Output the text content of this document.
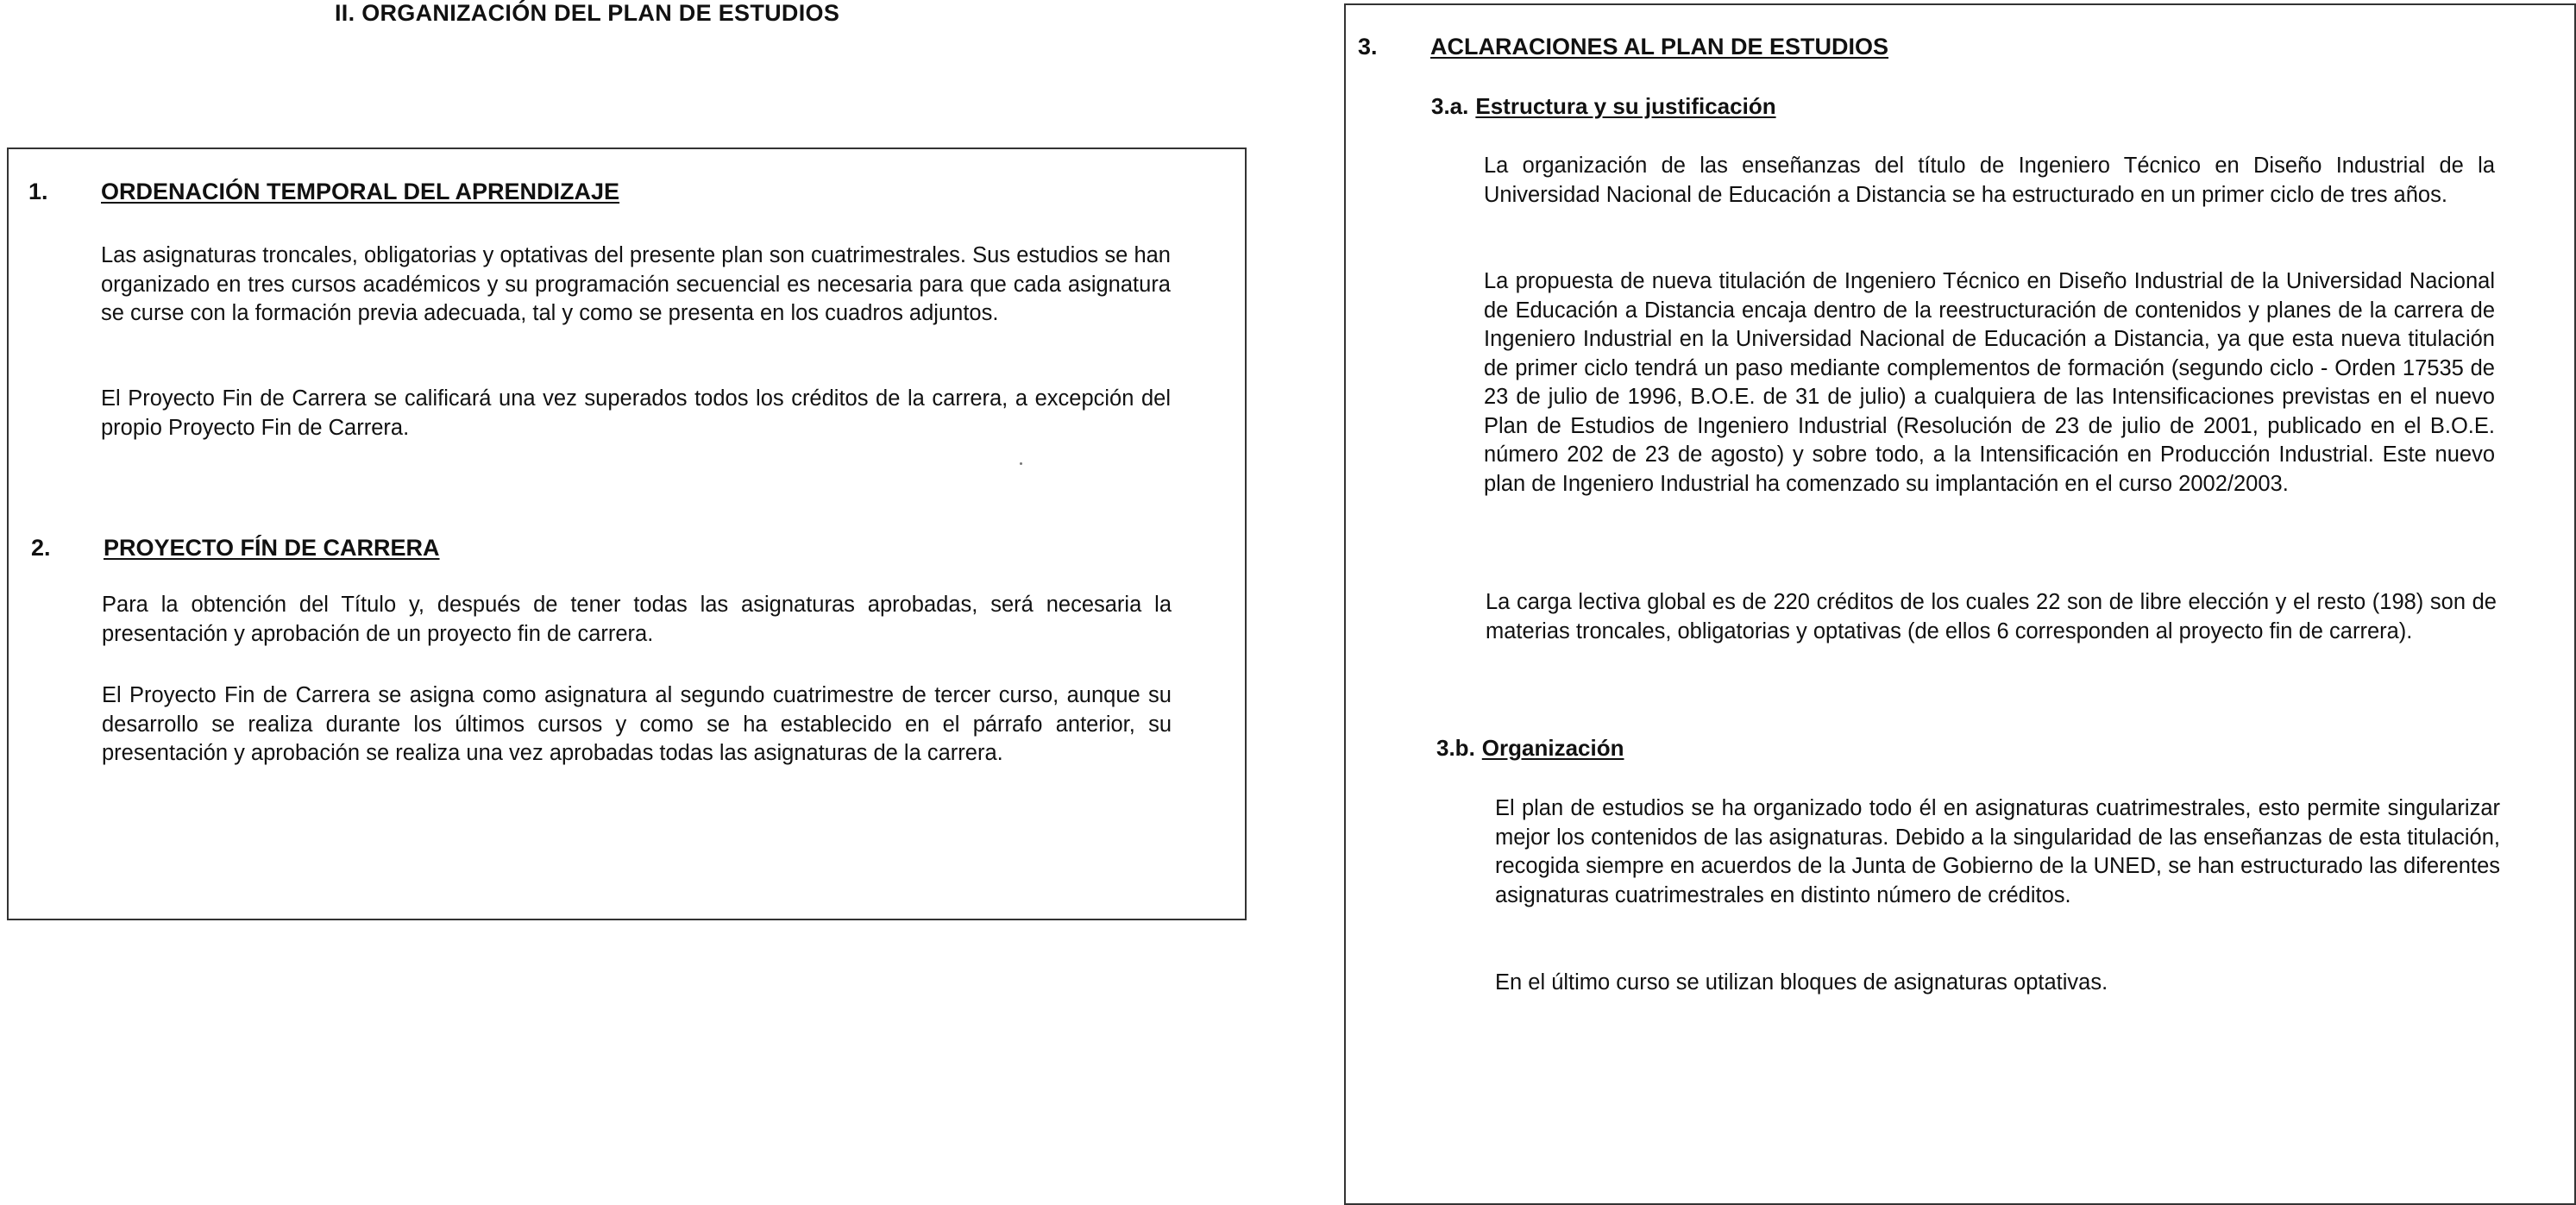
II. ORGANIZACIÓN DEL PLAN DE ESTUDIOS
1. ORDENACIÓN TEMPORAL DEL APRENDIZAJE

Las asignaturas troncales, obligatorias y optativas del presente plan son cuatrimestrales. Sus estudios se han organizado en tres cursos académicos y su programación secuencial es necesaria para que cada asignatura se curse con la formación previa adecuada, tal y como se presenta en los cuadros adjuntos.

El Proyecto Fin de Carrera se calificará una vez superados todos los créditos de la carrera, a excepción del propio Proyecto Fin de Carrera.

2. PROYECTO FÍN DE CARRERA

Para la obtención del Título y, después de tener todas las asignaturas aprobadas, será necesaria la presentación y aprobación de un proyecto fin de carrera.

El Proyecto Fin de Carrera se asigna como asignatura al segundo cuatrimestre de tercer curso, aunque su desarrollo se realiza durante los últimos cursos y como se ha establecido en el párrafo anterior, su presentación y aprobación se realiza una vez aprobadas todas las asignaturas de la carrera.

3. ACLARACIONES AL PLAN DE ESTUDIOS
3.a. Estructura y su justificación

La organización de las enseñanzas del título de Ingeniero Técnico en Diseño Industrial de la Universidad Nacional de Educación a Distancia se ha estructurado en un primer ciclo de tres años.

La propuesta de nueva titulación de Ingeniero Técnico en Diseño Industrial de la Universidad Nacional de Educación a Distancia encaja dentro de la reestructuración de contenidos y planes de la carrera de Ingeniero Industrial en la Universidad Nacional de Educación a Distancia, ya que esta nueva titulación de primer ciclo tendrá un paso mediante complementos de formación (segundo ciclo - Orden 17535 de 23 de julio de 1996, B.O.E. de 31 de julio) a cualquiera de las Intensificaciones previstas en el nuevo Plan de Estudios de Ingeniero Industrial (Resolución de 23 de julio de 2001, publicado en el B.O.E. número 202 de 23 de agosto) y sobre todo, a la Intensificación en Producción Industrial. Este nuevo plan de Ingeniero Industrial ha comenzado su implantación en el curso 2002/2003.

La carga lectiva global es de 220 créditos de los cuales 22 son de libre elección y el resto (198) son de materias troncales, obligatorias y optativas (de ellos 6 corresponden al proyecto fin de carrera).

3.b. Organización

El plan de estudios se ha organizado todo él en asignaturas cuatrimestrales, esto permite singularizar mejor los contenidos de las asignaturas. Debido a la singularidad de las enseñanzas de esta titulación, recogida siempre en acuerdos de la Junta de Gobierno de la UNED, se han estructurado las diferentes asignaturas cuatrimestrales en distinto número de créditos.

En el último curso se utilizan bloques de asignaturas optativas.
